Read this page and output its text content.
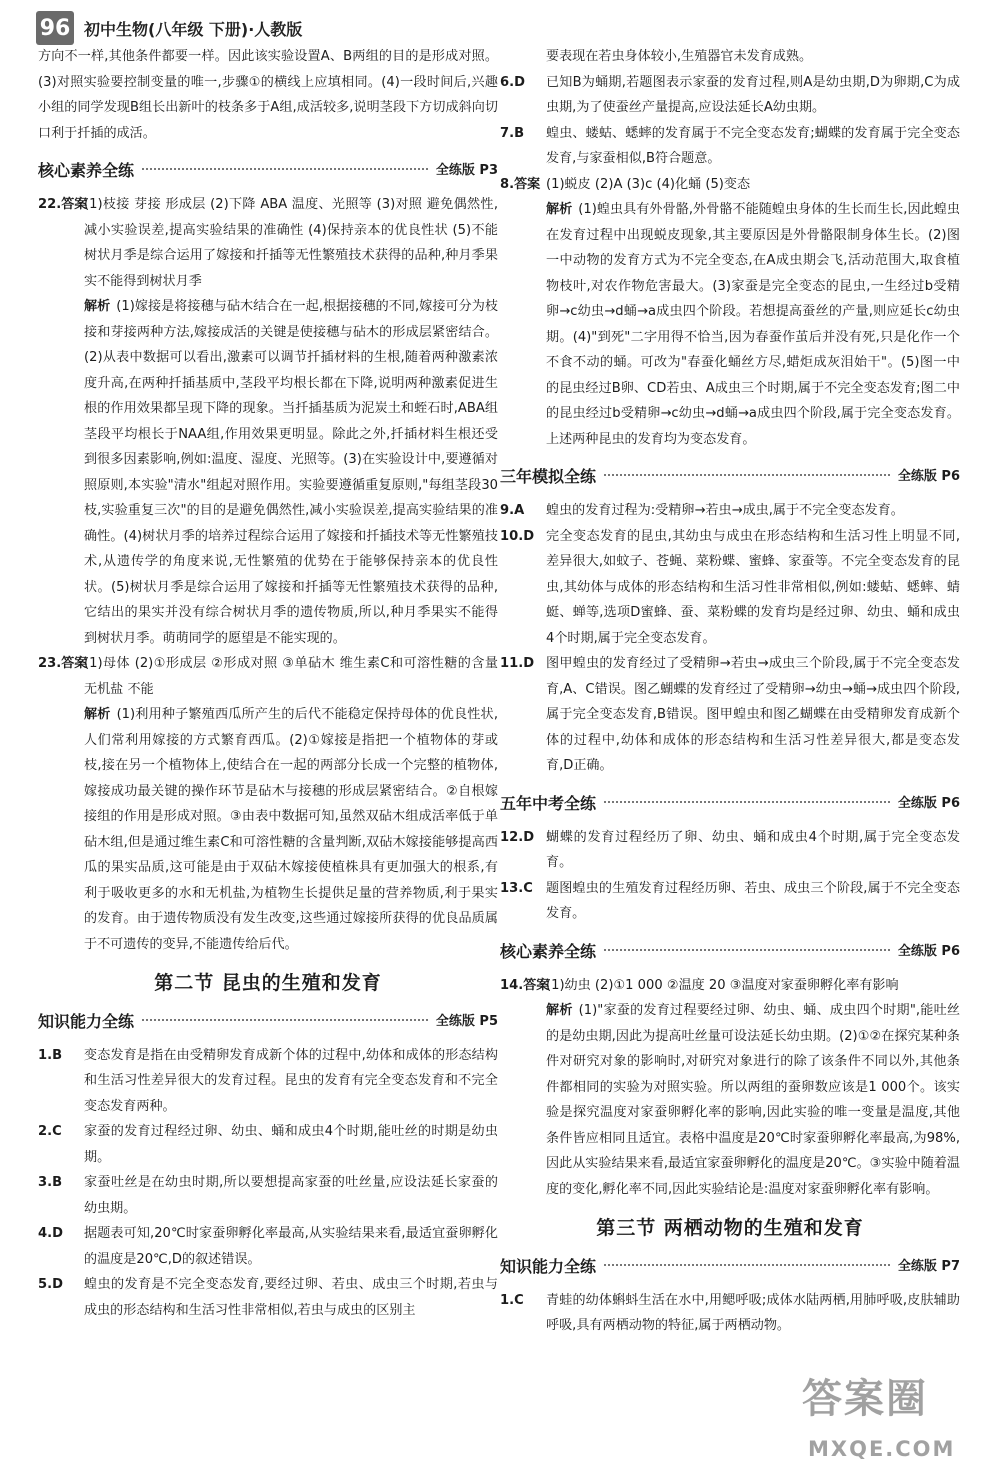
96 初中生物(八年级 下册)·人教版

方向不一样,其他条件都要一样。因此该实验设置A、B两组的目的是形成对照。(3)对照实验要控制变量的唯一,步骤①的横线上应填相同。(4)一段时间后,兴趣小组的同学发现B组长出新叶的枝条多于A组,成活较多,说明茎段下方切成斜向切口利于扦插的成活。

核心素养全练	全练版 P3
22.答案
(1)枝接 芽接 形成层 (2)下降 ABA 温度、光照等 (3)对照 避免偶然性,减小实验误差,提高实验结果的准确性 (4)保持亲本的优良性状 (5)不能 树状月季是综合运用了嫁接和扦插等无性繁殖技术获得的品种,种月季果实不能得到树状月季
解析 (1)嫁接是将接穗与砧木结合在一起,根据接穗的不同,嫁接可分为枝接和芽接两种方法,嫁接成活的关键是使接穗与砧木的形成层紧密结合。(2)从表中数据可以看出,激素可以调节扦插材料的生根,随着两种激素浓度升高,在两种扦插基质中,茎段平均根长都在下降,说明两种激素促进生根的作用效果都呈现下降的现象。当扦插基质为泥炭土和蛭石时,ABA组茎段平均根长于NAA组,作用效果更明显。除此之外,扦插材料生根还受到很多因素影响,例如:温度、湿度、光照等。(3)在实验设计中,要遵循对照原则,本实验"清水"组起对照作用。实验要遵循重复原则,"每组茎段30枝,实验重复三次"的目的是避免偶然性,减小实验误差,提高实验结果的准确性。(4)树状月季的培养过程综合运用了嫁接和扦插技术等无性繁殖技术,从遗传学的角度来说,无性繁殖的优势在于能够保持亲本的优良性状。(5)树状月季是综合运用了嫁接和扦插等无性繁殖技术获得的品种,它结出的果实并没有综合树状月季的遗传物质,所以,种月季果实不能得到树状月季。萌萌同学的愿望是不能实现的。
23.答案
(1)母体 (2)①形成层 ②形成对照 ③单砧木 维生素C和可溶性糖的含量 无机盐 不能
解析 (1)利用种子繁殖西瓜所产生的后代不能稳定保持母体的优良性状,人们常利用嫁接的方式繁育西瓜。(2)①嫁接是指把一个植物体的芽或枝,接在另一个植物体上,使结合在一起的两部分长成一个完整的植物体,嫁接成功最关键的操作环节是砧木与接穗的形成层紧密结合。②自根嫁接组的作用是形成对照。③由表中数据可知,虽然双砧木组成活率低于单砧木组,但是通过维生素C和可溶性糖的含量判断,双砧木嫁接能够提高西瓜的果实品质,这可能是由于双砧木嫁接使植株具有更加强大的根系,有利于吸收更多的水和无机盐,为植物生长提供足量的营养物质,利于果实的发育。由于遗传物质没有发生改变,这些通过嫁接所获得的优良品质属于不可遗传的变异,不能遗传给后代。
第二节 昆虫的生殖和发育
知识能力全练	全练版 P5
1.B 变态发育是指在由受精卵发育成新个体的过程中,幼体和成体的形态结构和生活习性差异很大的发育过程。昆虫的发育有完全变态发育和不完全变态发育两种。
2.C 家蚕的发育过程经过卵、幼虫、蛹和成虫4个时期,能吐丝的时期是幼虫期。
3.B 家蚕吐丝是在幼虫时期,所以要想提高家蚕的吐丝量,应设法延长家蚕的幼虫期。
4.D 据题表可知,20℃时家蚕卵孵化率最高,从实验结果来看,最适宜蚕卵孵化的温度是20℃,D的叙述错误。
5.D 蝗虫的发育是不完全变态发育,要经过卵、若虫、成虫三个时期,若虫与成虫的形态结构和生活习性非常相似,若虫与成虫的区别主

要表现在若虫身体较小,生殖器官未发育成熟。

6.D 已知B为蛹期,若题图表示家蚕的发育过程,则A是幼虫期,D为卵期,C为成虫期,为了使蚕丝产量提高,应设法延长A幼虫期。
7.B 蝗虫、蝼蛄、蟋蟀的发育属于不完全变态发育;蝴蝶的发育属于完全变态发育,与家蚕相似,B符合题意。
8.答案 (1)蜕皮 (2)A (3)c (4)化蛹 (5)变态
解析 (1)蝗虫具有外骨骼,外骨骼不能随蝗虫身体的生长而生长,因此蝗虫在发育过程中出现蜕皮现象,其主要原因是外骨骼限制身体生长。(2)图一中动物的发育方式为不完全变态,在A成虫期会飞,活动范围大,取食植物枝叶,对农作物危害最大。(3)家蚕是完全变态的昆虫,一生经过b受精卵→c幼虫→d蛹→a成虫四个阶段。若想提高蚕丝的产量,则应延长c幼虫期。(4)"到死"二字用得不恰当,因为春蚕作茧后并没有死,只是化作一个不食不动的蛹。可改为"春蚕化蛹丝方尽,蜡炬成灰泪始干"。(5)图一中的昆虫经过B卵、CD若虫、A成虫三个时期,属于不完全变态发育;图二中的昆虫经过b受精卵→c幼虫→d蛹→a成虫四个阶段,属于完全变态发育。上述两种昆虫的发育均为变态发育。
三年模拟全练	全练版 P6
9.A 蝗虫的发育过程为:受精卵→若虫→成虫,属于不完全变态发育。
10.D 完全变态发育的昆虫,其幼虫与成虫在形态结构和生活习性上明显不同,差异很大,如蚊子、苍蝇、菜粉蝶、蜜蜂、家蚕等。不完全变态发育的昆虫,其幼体与成体的形态结构和生活习性非常相似,例如:蝼蛄、蟋蟀、蜻蜓、蝉等,选项D蜜蜂、蚕、菜粉蝶的发育均是经过卵、幼虫、蛹和成虫4个时期,属于完全变态发育。
11.D 图甲蝗虫的发育经过了受精卵→若虫→成虫三个阶段,属于不完全变态发育,A、C错误。图乙蝴蝶的发育经过了受精卵→幼虫→蛹→成虫四个阶段,属于完全变态发育,B错误。图甲蝗虫和图乙蝴蝶在由受精卵发育成新个体的过程中,幼体和成体的形态结构和生活习性差异很大,都是变态发育,D正确。
五年中考全练	全练版 P6
12.D 蝴蝶的发育过程经历了卵、幼虫、蛹和成虫4个时期,属于完全变态发育。
13.C 题图蝗虫的生殖发育过程经历卵、若虫、成虫三个阶段,属于不完全变态发育。
核心素养全练	全练版 P6
14.答案
(1)幼虫 (2)①1 000 ②温度 20 ③温度对家蚕卵孵化率有影响
解析 (1)"家蚕的发育过程要经过卵、幼虫、蛹、成虫四个时期",能吐丝的是幼虫期,因此为提高吐丝量可设法延长幼虫期。(2)①②在探究某种条件对研究对象的影响时,对研究对象进行的除了该条件不同以外,其他条件都相同的实验为对照实验。所以两组的蚕卵数应该是1 000个。该实验是探究温度对家蚕卵孵化率的影响,因此实验的唯一变量是温度,其他条件皆应相同且适宜。表格中温度是20℃时家蚕卵孵化率最高,为98%,因此从实验结果来看,最适宜家蚕卵孵化的温度是20℃。③实验中随着温度的变化,孵化率不同,因此实验结论是:温度对家蚕卵孵化率有影响。
第三节 两栖动物的生殖和发育
知识能力全练	全练版 P7
1.C 青蛙的幼体蝌蚪生活在水中,用鳃呼吸;成体水陆两栖,用肺呼吸,皮肤辅助呼吸,具有两栖动物的特征,属于两栖动物。
答案圈
MXQE.COM
